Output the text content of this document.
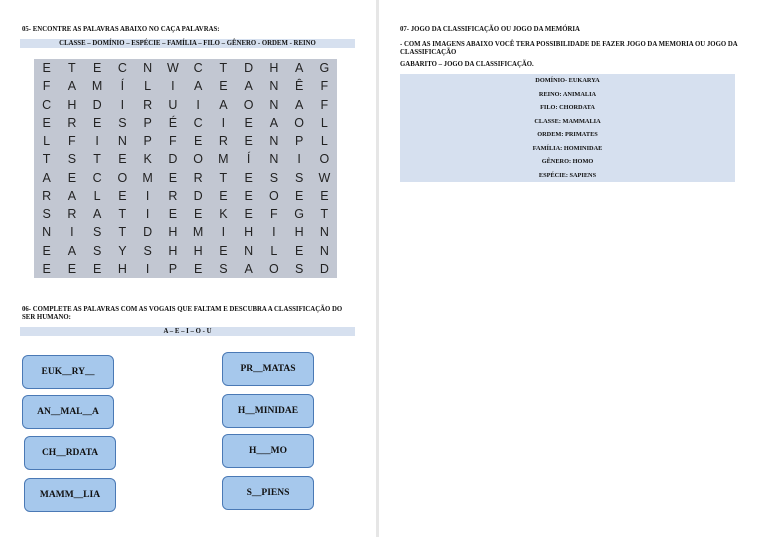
05- ENCONTRE AS PALAVRAS ABAIXO NO CAÇA PALAVRAS:
CLASSE – DOMÍNIO – ESPÉCIE – FAMÍLIA – FILO – GÊNERO - ORDEM - REINO
E	T	E	C	N	W	C	T	D	H	A	G
F	A	M	Í	L	I	A	E	A	N	Ê	F
C	H	D	I	R	U	I	A	O	N	A	F
E	R	E	S	P	É	C	I	E	A	O	L
L	F	I	N	P	F	E	R	E	N	P	L
T	S	T	E	K	D	O	M	Í	N	I	O
A	E	C	O	M	E	R	T	E	S	S	W
R	A	L	E	I	R	D	E	E	O	E	E
S	R	A	T	I	E	E	K	E	F	G	T
N	I	S	T	D	H	M	I	H	I	H	N
E	A	S	Y	S	H	H	E	N	L	E	N
E	E	E	H	I	P	E	S	A	O	S	D
06- COMPLETE AS PALAVRAS COM AS VOGAIS QUE FALTAM E DESCUBRA A CLASSIFICAÇÃO DO SER HUMANO:
A – E – I – O - U
EUK__RY__	PR__MATAS
AN__MAL__A	H__MINIDAE
CH__RDATA	H___MO
MAMM__LIA	S__PIENS
07- JOGO DA CLASSIFICAÇÃO OU JOGO DA MEMÓRIA
- COM AS IMAGENS ABAIXO VOCÊ TERA POSSIBILIDADE DE FAZER JOGO DA MEMORIA OU JOGO DA CLASSIFICAÇÃO
GABARITO – JOGO DA CLASSIFICAÇÃO.
DOMÍNIO- EUKARYA
REINO: ANIMALIA
FILO: CHORDATA
CLASSE: MAMMALIA
ORDEM: PRIMATES
FAMÍLIA: HOMINIDAE
GÊNERO: HOMO
ESPÉCIE: SAPIENS
